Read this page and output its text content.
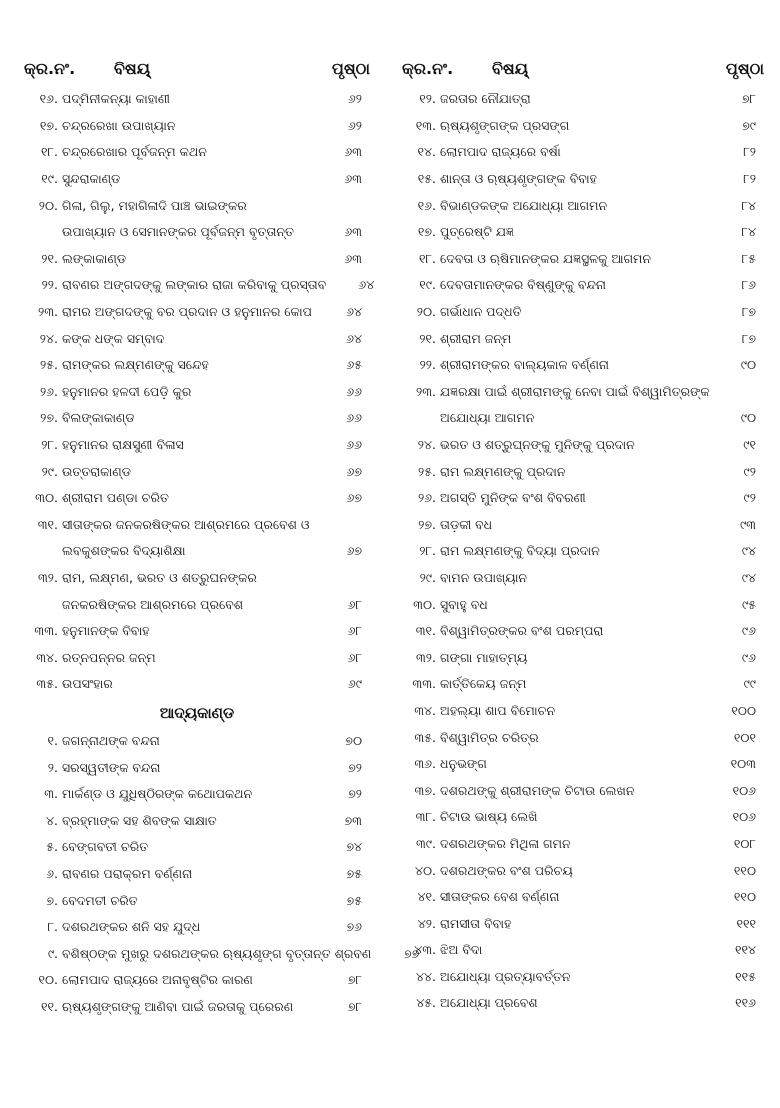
କ୍ର.ନଂ.	ବିଷୟ୍	ପୃଷ୍ଠା
୧୬. ପଦ୍ମିନୀକନ୍ୟା କାହାଣୀ	୬୨
୧୭. ଚନ୍ଦ୍ରରେଖା ଉପାଖ୍ୟାନ	୬୨
୧୮. ଚନ୍ଦ୍ରରେଖାର ପୂର୍ବଜନ୍ମ କଥନ	୬୩
୧୯. ସୁନ୍ଦରାକାଣ୍ଡ	୬୩
୨୦. ଗିଳା, ଗିଲୁ, ମହାଗିଳାଦି ପାଞ୍ଚ ଭାଇଙ୍କର
ଉପାଖ୍ୟାନ ଓ ସେମାନଙ୍କର ପୂର୍ବଜନ୍ମ ବୃତ୍ତାନ୍ତ	୬୩
୨୧. ଲଙ୍କାକାଣ୍ଡ	୬୩
୨୨. ରାବଣର ଅଙ୍ଗଦଙ୍କୁ ଲଙ୍କାର ରାଜା କରିବାକୁ ପ୍ରସ୍ତାବ	୬୪
୨୩. ରାମର ଅଙ୍ଗଦଙ୍କୁ ବର ପ୍ରଦାନ ଓ ହନୁମାନର କୋପ	୬୪
୨୪. କଙ୍କ ଧଙ୍କ ସମ୍ବାଦ	୬୪
୨୫. ରାମଙ୍କର ଲକ୍ଷ୍ମଣଙ୍କୁ ସନ୍ଦେହ	୬୫
୨୬. ହନୁମାନର ହଳଦୀ ପେଡ଼ି କୁର	୬୬
୨୭. ବିଲଙ୍କାକାଣ୍ଡ	୬୬
୨୮. ହନୁମାନର ରାକ୍ଷସୁଣୀ ବିଳାସ	୬୬
୨୯. ଉତ୍ତରାକାଣ୍ଡ	୬୭
୩୦. ଶ୍ରୀରାମ ପଣ୍ଡା ଚରିତ	୬୭
୩୧. ସୀତାଙ୍କର ଜନକରଷିଙ୍କର ଆଶ୍ରମରେ ପ୍ରବେଶ ଓ
ଲବକୁଶଙ୍କର ବିଦ୍ୟାଶିକ୍ଷା	୬୭
୩୨. ରାମ, ଲକ୍ଷ୍ମଣ, ଭରତ ଓ ଶତ୍ରୁଘନଙ୍କର
ଜନକରଷିଙ୍କର ଆଶ୍ରମରେ ପ୍ରବେଶ	୬୮
୩୩. ହନୁମାନଙ୍କ ବିବାହ	୬୮
୩୪. ରତ୍ନପନ୍ନର ଜନ୍ମ	୬୮
୩୫. ଉପସଂହାର	୬୯
ଆଦ୍ୟକାଣ୍ଡ
୧. ଜଗନ୍ନାଥଙ୍କ ବନ୍ଦନା	୭୦
୨. ସରସ୍ୱତୀଙ୍କ ବନ୍ଦନା	୭୨
୩. ମାର୍କଣ୍ଡ ଓ ଯୁଧିଷ୍ଠିରଙ୍କ କଥୋପକଥନ	୭୨
୪. ବ୍ରହ୍ମାଙ୍କ ସହ ଶିବଙ୍କ ସାକ୍ଷାତ	୭୩
୫. ବେଙ୍ଗବତୀ ଚରିତ	୭୪
୬. ରାବଣର ପରାକ୍ରମ ବର୍ଣ୍ଣନା	୭୫
୭. ବେଦମତୀ ଚରିତ	୭୫
୮. ଦଶରଥଙ୍କର ଶନି ସହ ଯୁଦ୍ଧ	୭୬
୯. ବଶିଷ୍ଠଙ୍କ ମୁଖରୁ ଦଶରଥଙ୍କର ଋଷ୍ୟଶୃଙ୍ଗ ବୃତ୍ତାନ୍ତ ଶ୍ରବଣ	୭୭
୧୦. ଲୋମପାଦ ରାଜ୍ୟରେ ଅନାବୃଷ୍ଟିର କାରଣ	୭୮
୧୧. ଋଷ୍ୟଶୃଙ୍ଗଙ୍କୁ ଆଣିବା ପାଇଁ ଜରତାକୁ ପ୍ରେରଣ	୭୮
କ୍ର.ନଂ.	ବିଷୟ୍	ପୃଷ୍ଠା
୧୨. ଜରତାର ନୌଯାତ୍ରା	୭୮
୧୩. ଋଷ୍ୟଶୃଙ୍ଗଙ୍କ ପ୍ରସଙ୍ଗ	୭୯
୧୪. ଲୋମପାଦ ରାଜ୍ୟରେ ବର୍ଷା	୮୨
୧୫. ଶାନ୍ତା ଓ ଋଷ୍ୟଶୃଙ୍ଗଙ୍କ ବିବାହ	୮୨
୧୬. ବିଭାଣ୍ଡକଙ୍କ ଅଯୋଧ୍ୟା ଆଗମନ	୮୪
୧୭. ପୁତ୍ରେଷ୍ଟି ଯଜ୍ଞ	୮୪
୧୮. ଦେବତା ଓ ଋଷିମାନଙ୍କର ଯଜ୍ଞସ୍ଥଳକୁ ଆଗମନ	୮୫
୧୯. ଦେବତାମାନଙ୍କର ବିଷ୍ଣୁଙ୍କୁ ବନ୍ଦନା	୮୬
୨୦. ଗର୍ଭାଧାନ ପଦ୍ଧତି	୮୭
୨୧. ଶ୍ରୀରାମ ଜନ୍ମ	୮୭
୨୨. ଶ୍ରୀରାମଙ୍କର ବାଲ୍ୟକାଳ ବର୍ଣ୍ଣନା	୯୦
୨୩. ଯଜ୍ଞରକ୍ଷା ପାଇଁ ଶ୍ରୀରାମଙ୍କୁ ନେବା ପାଇଁ ବିଶ୍ୱାମିତ୍ରଙ୍କ
ଅଯୋଧ୍ୟା ଆଗମନ	୯୦
୨୪. ଭରତ ଓ ଶତ୍ରୁଘ୍ନଙ୍କୁ ମୁନିଙ୍କୁ ପ୍ରଦାନ	୯୧
୨୫. ରାମ ଲକ୍ଷ୍ମଣଙ୍କୁ ପ୍ରଦାନ	୯୨
୨୬. ଅଗସ୍ତି ମୁନିଙ୍କ ବଂଶ ବିବରଣୀ	୯୨
୨୭. ତାଡ଼କୀ ବଧ	୯୩
୨୮. ରାମ ଲକ୍ଷ୍ମଣଙ୍କୁ ବିଦ୍ୟା ପ୍ରଦାନ	୯୪
୨୯. ବାମନ ଉପାଖ୍ୟାନ	୯୪
୩୦. ସୁବାହୁ ବଧ	୯୫
୩୧. ବିଶ୍ୱାମିତ୍ରଙ୍କର ବଂଶ ପରମ୍ପରା	୯୬
୩୨. ଗଙ୍ଗା ମାହାତ୍ମ୍ୟ	୯୬
୩୩. କାର୍ତ୍ତିକେୟ ଜନ୍ମ	୯୯
୩୪. ଅହଲ୍ୟା ଶାପ ବିମୋଚନ	୧୦୦
୩୫. ବିଶ୍ୱାମିତ୍ର ଚରିତ୍ର	୧୦୧
୩୬. ଧନୁଭଙ୍ଗ	୧୦୩
୩୭. ଦଶରଥଙ୍କୁ ଶ୍ରୀରାମଙ୍କ ଚିଟାଉ ଲେଖନ	୧୦୬
୩୮. ଚିଟାଉ ଭାଷ୍ୟ ଲେଖି	୧୦୬
୩୯. ଦଶରଥଙ୍କର ମିଥିଳା ଗମନ	୧୦୮
୪୦. ଦଶରଥଙ୍କର ବଂଶ ପରିଚୟ	୧୧୦
୪୧. ସୀତାଙ୍କର ବେଶ ବର୍ଣ୍ଣନା	୧୧୦
୪୨. ରାମସୀତା ବିବାହ	୧୧୧
୪୩. ଝିଅ ବିଦା	୧୧୪
୪୪. ଅଯୋଧ୍ୟା ପ୍ରତ୍ୟାବର୍ତ୍ତନ	୧୧୫
୪୫. ଅଯୋଧ୍ୟା ପ୍ରବେଶ	୧୧୬
